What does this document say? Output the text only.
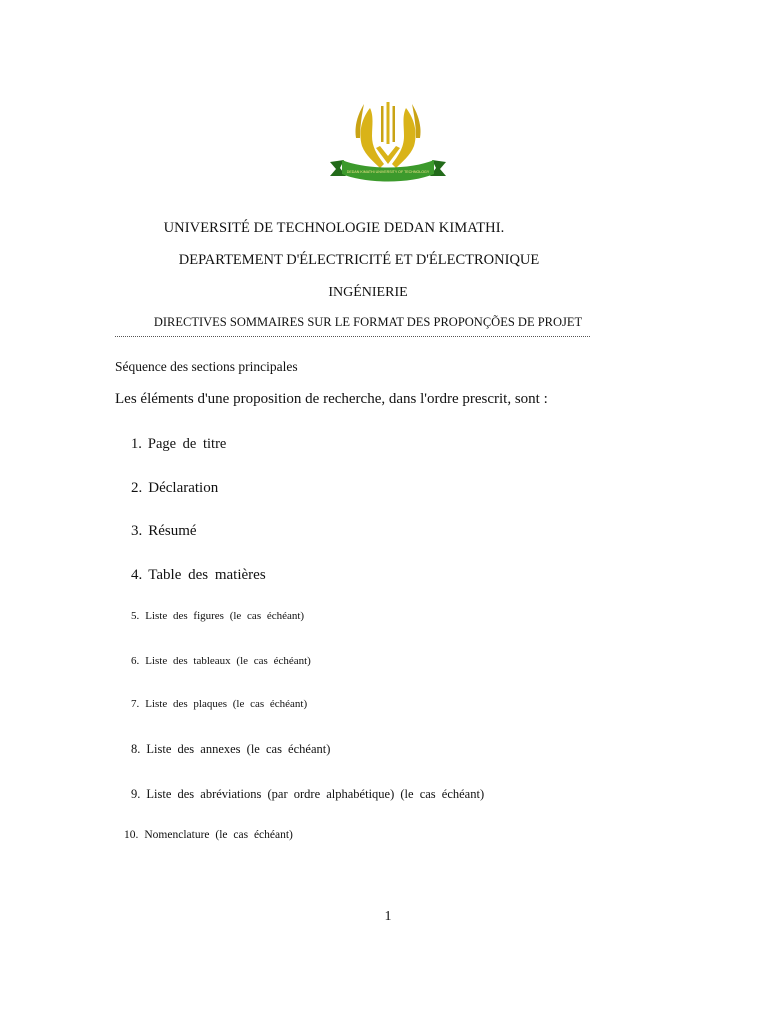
DEDAN KIMATHI UNIVERSITY OF TECHNOLOGY
UNIVERSITÉ DE TECHNOLOGIE DEDAN KIMATHI.
DEPARTEMENT D'ÉLECTRICITÉ ET D'ÉLECTRONIQUE
INGÉNIERIE
DIRECTIVES SOMMAIRES SUR LE FORMAT DES PROPONÇÕES DE PROJET
Séquence des sections principales
Les éléments d'une proposition de recherche, dans l'ordre prescrit, sont :
1. Page de titre
2. Déclaration
3. Résumé
4. Table des matières
5. Liste des figures (le cas échéant)
6. Liste des tableaux (le cas échéant)
7. Liste des plaques (le cas échéant)
8. Liste des annexes (le cas échéant)
9. Liste des abréviations (par ordre alphabétique) (le cas échéant)
10. Nomenclature (le cas échéant)
1
